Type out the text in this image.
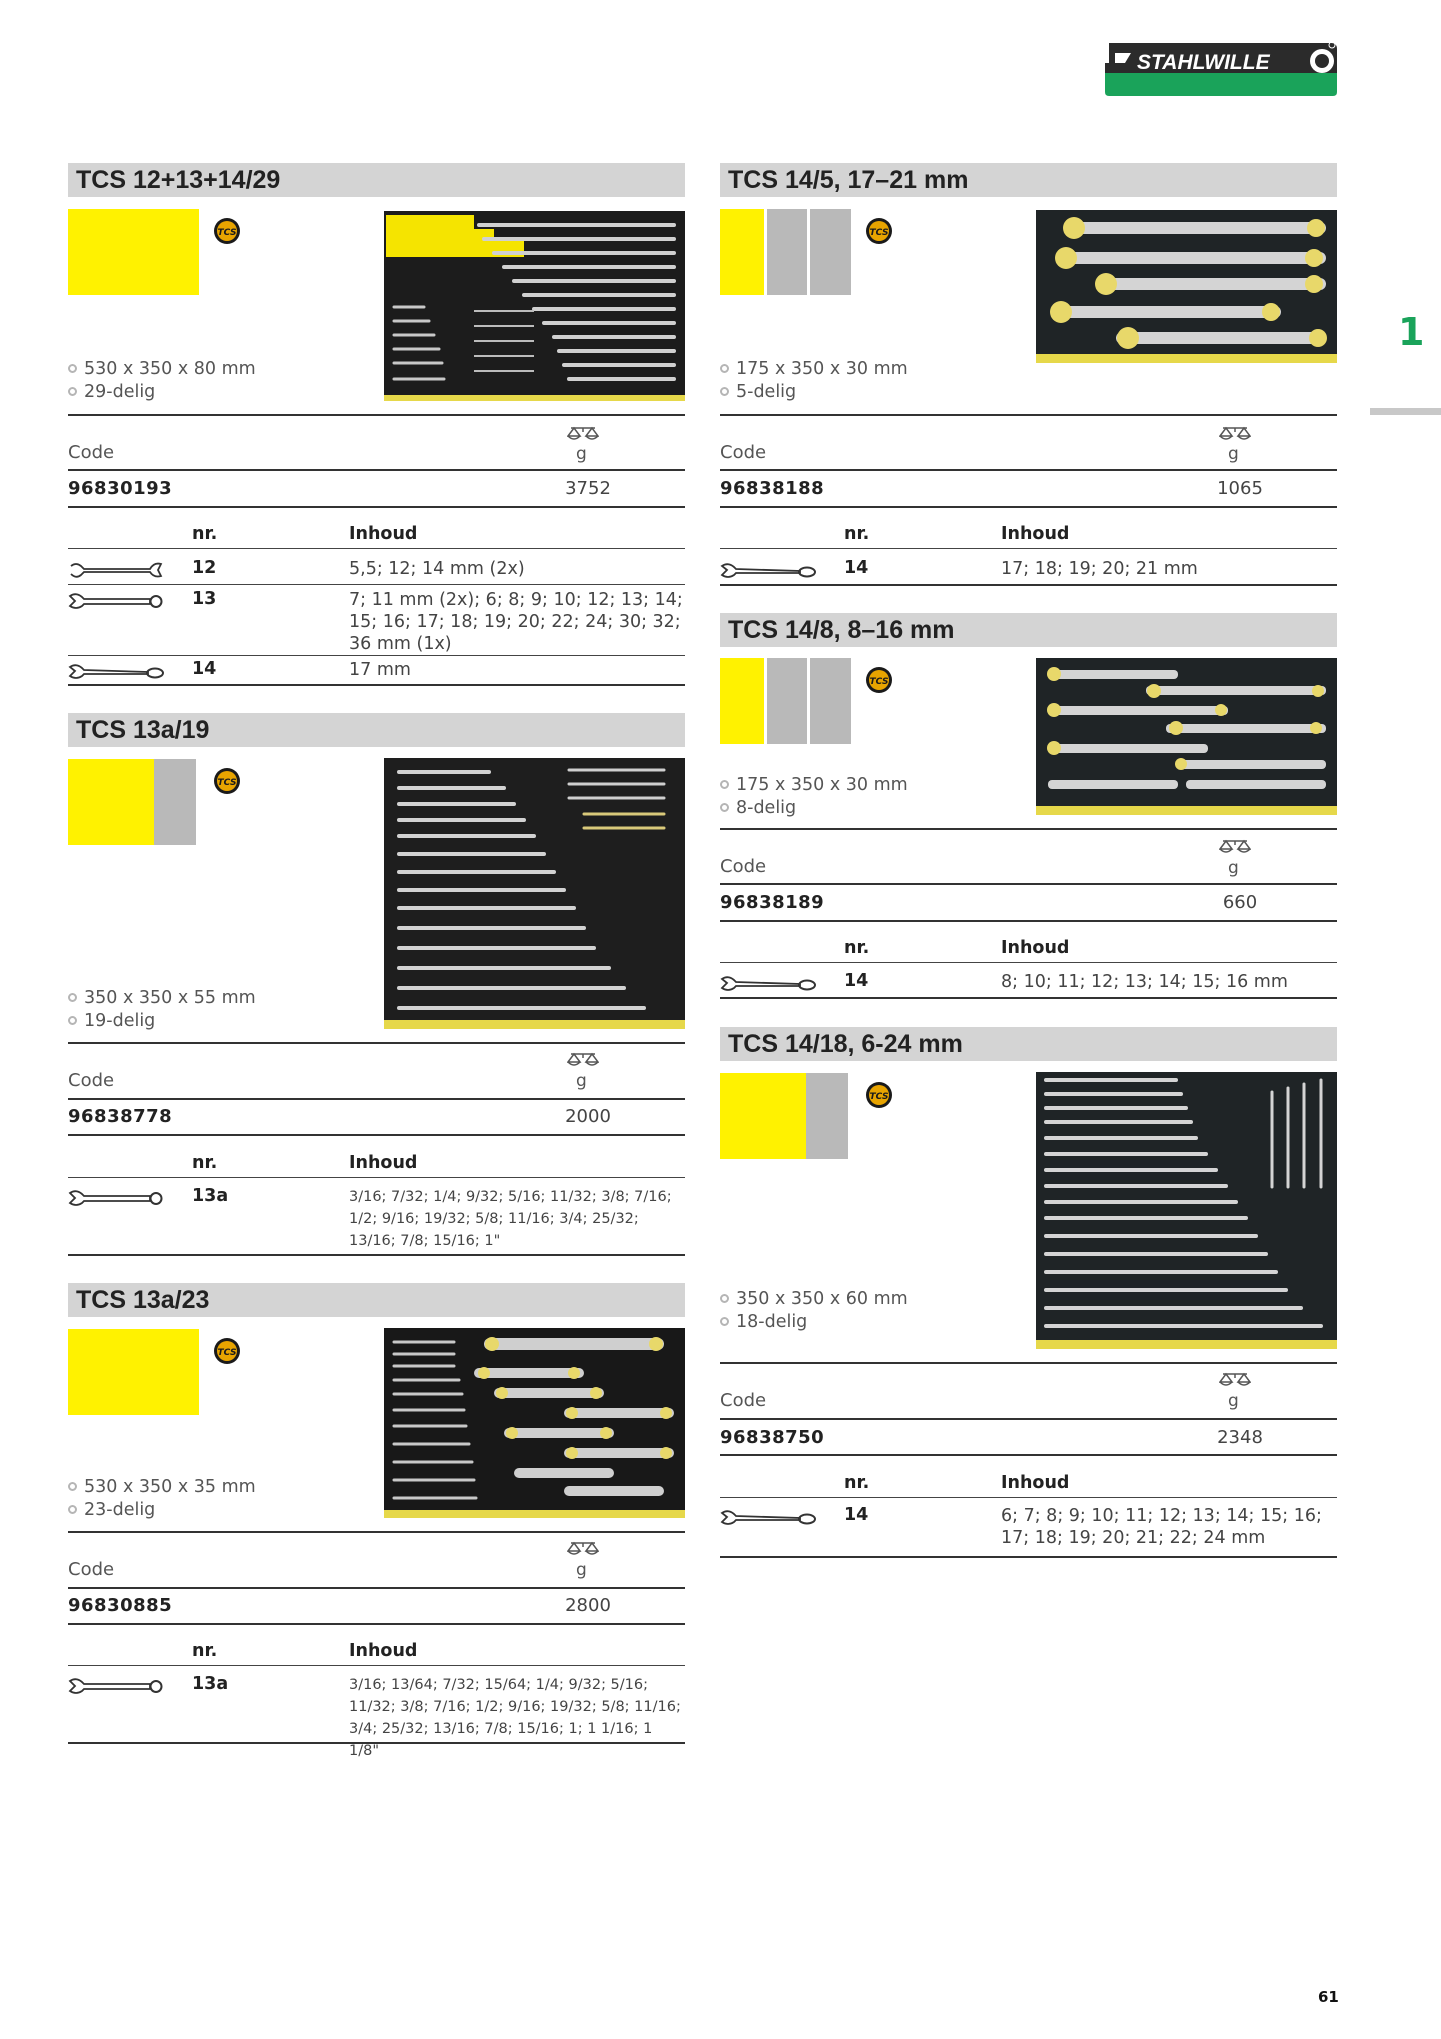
STAHLWILLE
1
61
TCS 12+13+14/29
TCS
530 x 350 x 80 mm
29-delig
Code	g
96830193	3752
nr.	Inhoud
12	5,5; 12; 14 mm (2x)
13	7; 11 mm (2x); 6; 8; 9; 10; 12; 13; 14; 15; 16; 17; 18; 19; 20; 22; 24; 30; 32; 36 mm (1x)
14	17 mm
TCS 13a/19
TCS
350 x 350 x 55 mm
19-delig
Code	g
96838778	2000
nr.	Inhoud
13a	3/16; 7/32; 1/4; 9/32; 5/16; 11/32; 3/8; 7/16; 1/2; 9/16; 19/32; 5/8; 11/16; 3/4; 25/32; 13/16; 7/8; 15/16; 1"
TCS 13a/23
TCS
530 x 350 x 35 mm
23-delig
Code	g
96830885	2800
nr.	Inhoud
13a	3/16; 13/64; 7/32; 15/64; 1/4; 9/32; 5/16; 11/32; 3/8; 7/16; 1/2; 9/16; 19/32; 5/8; 11/16; 3/4; 25/32; 13/16; 7/8; 15/16; 1; 1 1/16; 1 1/8"
TCS 14/5, 17–21 mm
TCS
175 x 350 x 30 mm
5-delig
Code	g
96838188	1065
nr.	Inhoud
14	17; 18; 19; 20; 21 mm
TCS 14/8, 8–16 mm
TCS
175 x 350 x 30 mm
8-delig
Code	g
96838189	660
nr.	Inhoud
14	8; 10; 11; 12; 13; 14; 15; 16 mm
TCS 14/18, 6-24 mm
TCS
350 x 350 x 60 mm
18-delig
Code	g
96838750	2348
nr.	Inhoud
14	6; 7; 8; 9; 10; 11; 12; 13; 14; 15; 16; 17; 18; 19; 20; 21; 22; 24 mm
